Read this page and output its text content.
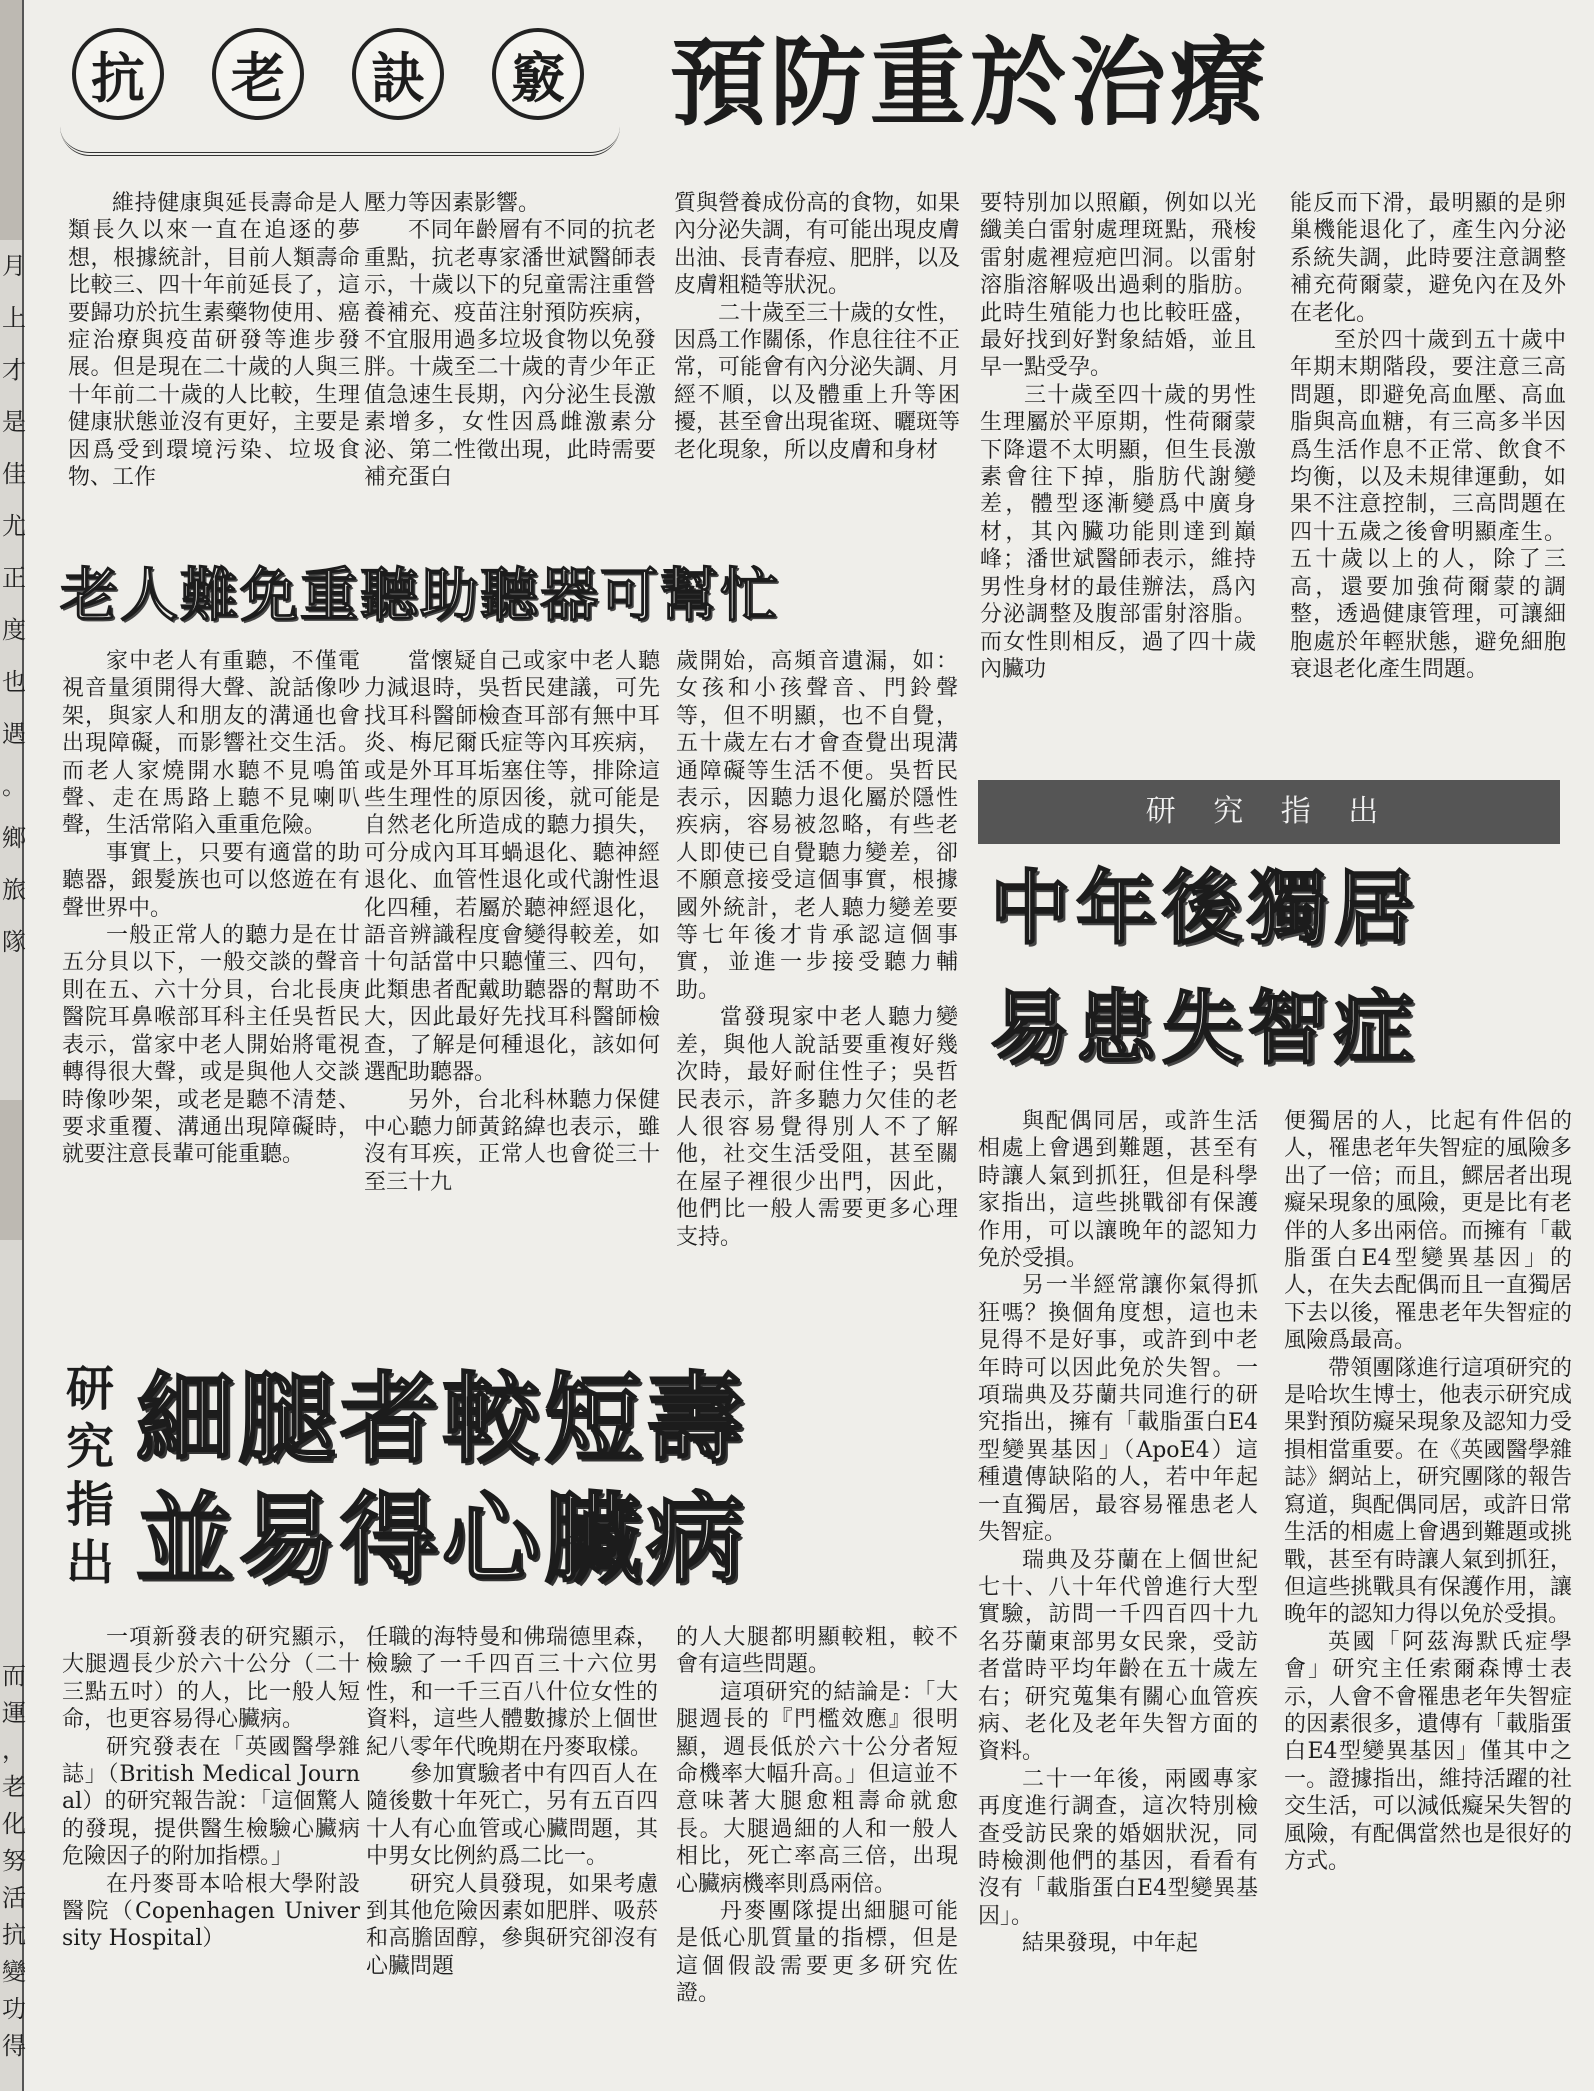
月
上
才
是
佳
尤
正
度
也
遇
。
鄉
旅
隊
而
運
，
老
化
努
活
抗
變
功
得
抗 老 訣 竅 預防重於治療

維持健康與延長壽命是人類長久以來一直在追逐的夢想，根據統計，目前人類壽命比較三、四十年前延長了，這要歸功於抗生素藥物使用、癌症治療與疫苗研發等進步發展。但是現在二十歲的人與三十年前二十歲的人比較，生理健康狀態並沒有更好，主要是因爲受到環境污染、垃圾食物、工作

壓力等因素影響。

不同年齡層有不同的抗老重點，抗老專家潘世斌醫師表示，十歲以下的兒童需注重營養補充、疫苗注射預防疾病，不宜服用過多垃圾食物以免發胖。十歲至二十歲的青少年正值急速生長期，內分泌生長激素增多，女性因爲雌激素分泌、第二性徵出現，此時需要補充蛋白

質與營養成份高的食物，如果內分泌失調，有可能出現皮膚出油、長青春痘、肥胖，以及皮膚粗糙等狀況。

二十歲至三十歲的女性，因爲工作關係，作息往往不正常，可能會有內分泌失調、月經不順，以及體重上升等困擾，甚至會出現雀斑、曬斑等老化現象，所以皮膚和身材

要特別加以照顧，例如以光纖美白雷射處理斑點，飛梭雷射處裡痘疤凹洞。以雷射溶脂溶解吸出過剩的脂肪。此時生殖能力也比較旺盛，最好找到好對象結婚，並且早一點受孕。

三十歲至四十歲的男性生理屬於平原期，性荷爾蒙下降還不太明顯，但生長激素會往下掉，脂肪代謝變差，體型逐漸變爲中廣身材，其內臟功能則達到巔峰；潘世斌醫師表示，維持男性身材的最佳辦法，爲內分泌調整及腹部雷射溶脂。而女性則相反，過了四十歲內臟功

能反而下滑，最明顯的是卵巢機能退化了，產生內分泌系統失調，此時要注意調整補充荷爾蒙，避免內在及外在老化。

至於四十歲到五十歲中年期末期階段，要注意三高問題，即避免高血壓、高血脂與高血糖，有三高多半因爲生活作息不正常、飲食不均衡，以及未規律運動，如果不注意控制，三高問題在四十五歲之後會明顯產生。五十歲以上的人，除了三高，還要加強荷爾蒙的調整，透過健康管理，可讓細胞處於年輕狀態，避免細胞衰退老化產生問題。

老人難免重聽助聽器可幫忙

家中老人有重聽，不僅電視音量須開得大聲、說話像吵架，與家人和朋友的溝通也會出現障礙，而影響社交生活。而老人家燒開水聽不見鳴笛聲、走在馬路上聽不見喇叭聲，生活常陷入重重危險。

事實上，只要有適當的助聽器，銀髮族也可以悠遊在有聲世界中。

一般正常人的聽力是在廿五分貝以下，一般交談的聲音則在五、六十分貝，台北長庚醫院耳鼻喉部耳科主任吳哲民表示，當家中老人開始將電視轉得很大聲，或是與他人交談時像吵架，或老是聽不清楚、要求重覆、溝通出現障礙時，就要注意長輩可能重聽。

當懷疑自己或家中老人聽力減退時，吳哲民建議，可先找耳科醫師檢查耳部有無中耳炎、梅尼爾氏症等內耳疾病，或是外耳耳垢塞住等，排除這些生理性的原因後，就可能是自然老化所造成的聽力損失，可分成內耳耳蝸退化、聽神經退化、血管性退化或代謝性退化四種，若屬於聽神經退化，語音辨識程度會變得較差，如十句話當中只聽懂三、四句，此類患者配戴助聽器的幫助不大，因此最好先找耳科醫師檢查，了解是何種退化，該如何選配助聽器。

另外，台北科林聽力保健中心聽力師黃銘緯也表示，雖沒有耳疾，正常人也會從三十至三十九

歲開始，高頻音遺漏，如：女孩和小孩聲音、門鈴聲等，但不明顯，也不自覺，五十歲左右才會查覺出現溝通障礙等生活不便。吳哲民表示，因聽力退化屬於隱性疾病，容易被忽略，有些老人即使已自覺聽力變差，卻不願意接受這個事實，根據國外統計，老人聽力變差要等七年後才肯承認這個事實，並進一步接受聽力輔助。

當發現家中老人聽力變差，與他人說話要重複好幾次時，最好耐住性子；吳哲民表示，許多聽力欠佳的老人很容易覺得別人不了解他，社交生活受阻，甚至關在屋子裡很少出門，因此，他們比一般人需要更多心理支持。

研 究 指 出
中年後獨居
易患失智症

與配偶同居，或許生活相處上會遇到難題，甚至有時讓人氣到抓狂，但是科學家指出，這些挑戰卻有保護作用，可以讓晚年的認知力免於受損。

另一半經常讓你氣得抓狂嗎？換個角度想，這也未見得不是好事，或許到中老年時可以因此免於失智。一項瑞典及芬蘭共同進行的研究指出，擁有「載脂蛋白E4型變異基因」（ApoE4）這種遺傳缺陷的人，若中年起一直獨居，最容易罹患老人失智症。

瑞典及芬蘭在上個世紀七十、八十年代曾進行大型實驗，訪問一千四百四十九名芬蘭東部男女民衆，受訪者當時平均年齡在五十歲左右；研究蒐集有關心血管疾病、老化及老年失智方面的資料。

二十一年後，兩國專家再度進行調查，這次特別檢查受訪民衆的婚姻狀況，同時檢測他們的基因，看看有沒有「載脂蛋白E4型變異基因」。

結果發現，中年起

便獨居的人，比起有件侶的人，罹患老年失智症的風險多出了一倍；而且，鰥居者出現癡呆現象的風險，更是比有老伴的人多出兩倍。而擁有「載脂蛋白E4型變異基因」的人，在失去配偶而且一直獨居下去以後，罹患老年失智症的風險爲最高。

帶領團隊進行這項研究的是哈坎生博士，他表示研究成果對預防癡呆現象及認知力受損相當重要。在《英國醫學雜誌》網站上，研究團隊的報告寫道，與配偶同居，或許日常生活的相處上會遇到難題或挑戰，甚至有時讓人氣到抓狂，但這些挑戰具有保護作用，讓晚年的認知力得以免於受損。

英國「阿茲海默氏症學會」研究主任索爾森博士表示，人會不會罹患老年失智症的因素很多，遺傳有「載脂蛋白E4型變異基因」僅其中之一。證據指出，維持活躍的社交生活，可以減低癡呆失智的風險，有配偶當然也是很好的方式。

研
究
指
出
細腿者較短壽
並易得心臟病

一項新發表的研究顯示，大腿週長少於六十公分（二十三點五吋）的人，比一般人短命，也更容易得心臟病。

研究發表在「英國醫學雜誌」（British Medical Journal）的研究報告說：「這個驚人的發現，提供醫生檢驗心臟病危險因子的附加指標。」

在丹麥哥本哈根大學附設醫院（Copenhagen University Hospital）

任職的海特曼和佛瑞德里森，檢驗了一千四百三十六位男性，和一千三百八什位女性的資料，這些人體數據於上個世紀八零年代晚期在丹麥取樣。

參加實驗者中有四百人在隨後數十年死亡，另有五百四十人有心血管或心臟問題，其中男女比例約爲二比一。

研究人員發現，如果考慮到其他危險因素如肥胖、吸菸和高膽固醇，參與研究卻沒有心臟問題

的人大腿都明顯較粗，較不會有這些問題。

這項研究的結論是：「大腿週長的『門檻效應』很明顯，週長低於六十公分者短命機率大幅升高。」但這並不意味著大腿愈粗壽命就愈長。大腿過細的人和一般人相比，死亡率高三倍，出現心臟病機率則爲兩倍。

丹麥團隊提出細腿可能是低心肌質量的指標，但是這個假設需要更多研究佐證。
